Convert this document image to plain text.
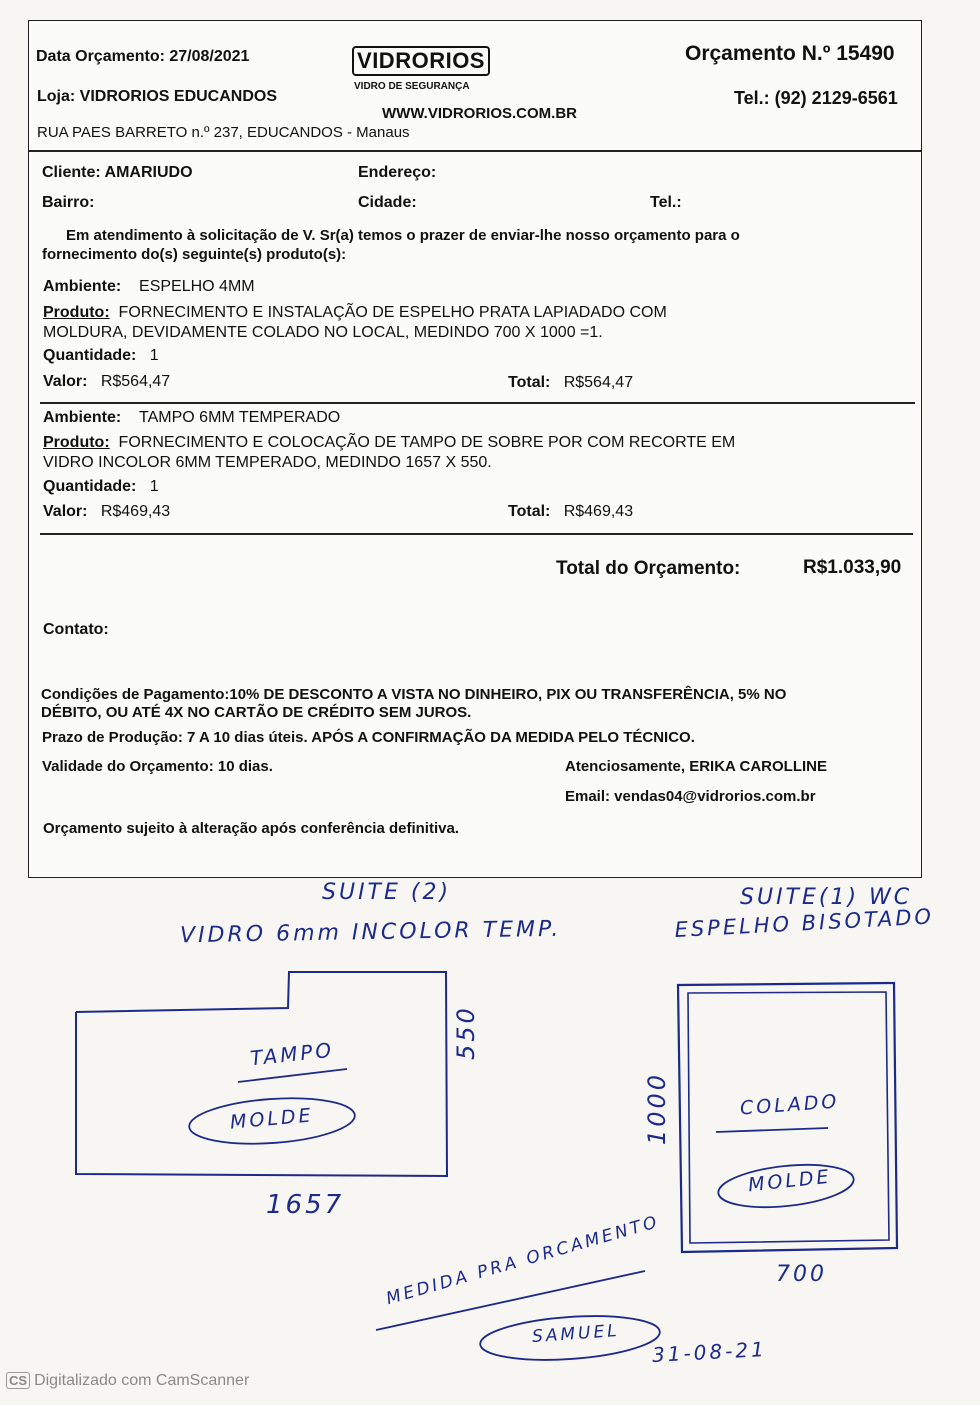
Data Orçamento: 27/08/2021
Loja: VIDRORIOS EDUCANDOS
RUA PAES BARRETO n.º 237, EDUCANDOS - Manaus
VIDRORIOS
VIDRO DE SEGURANÇA
WWW.VIDRORIOS.COM.BR
Orçamento N.º 15490
Tel.: (92) 2129-6561
Cliente: AMARIUDO	Endereço:
Bairro:	Cidade:	Tel.:
Em atendimento à solicitação de V. Sr(a) temos o prazer de enviar-lhe nosso orçamento para o
fornecimento do(s) seguinte(s) produto(s):
Ambiente: ESPELHO 4MM
Produto: FORNECIMENTO E INSTALAÇÃO DE ESPELHO PRATA LAPIADADO COM
MOLDURA, DEVIDAMENTE COLADO NO LOCAL, MEDINDO 700 X 1000 =1.
Quantidade: 1
Valor: R$564,47	Total: R$564,47
Ambiente: TAMPO 6MM TEMPERADO
Produto: FORNECIMENTO E COLOCAÇÃO DE TAMPO DE SOBRE POR COM RECORTE EM
VIDRO INCOLOR 6MM TEMPERADO, MEDINDO 1657 X 550.
Quantidade: 1
Valor: R$469,43	Total: R$469,43
Total do Orçamento:	R$1.033,90
Contato:
Condições de Pagamento:10% DE DESCONTO A VISTA NO DINHEIRO, PIX OU TRANSFERÊNCIA, 5% NO
DÉBITO, OU ATÉ 4X NO CARTÃO DE CRÉDITO SEM JUROS.
Prazo de Produção: 7 A 10 dias úteis. APÓS A CONFIRMAÇÃO DA MEDIDA PELO TÉCNICO.
Validade do Orçamento: 10 dias.	Atenciosamente, ERIKA CAROLLINE
Email: vendas04@vidrorios.com.br
Orçamento sujeito à alteração após conferência definitiva.
SUITE (2)
VIDRO 6mm INCOLOR TEMP.
SUITE(1) WC
ESPELHO BISOTADO
TAMPO
MOLDE
550
1657
1000	COLADO
MOLDE
700
MEDIDA PRA ORCAMENTO
SAMUEL
31-08-21
CS Digitalizado com CamScanner
